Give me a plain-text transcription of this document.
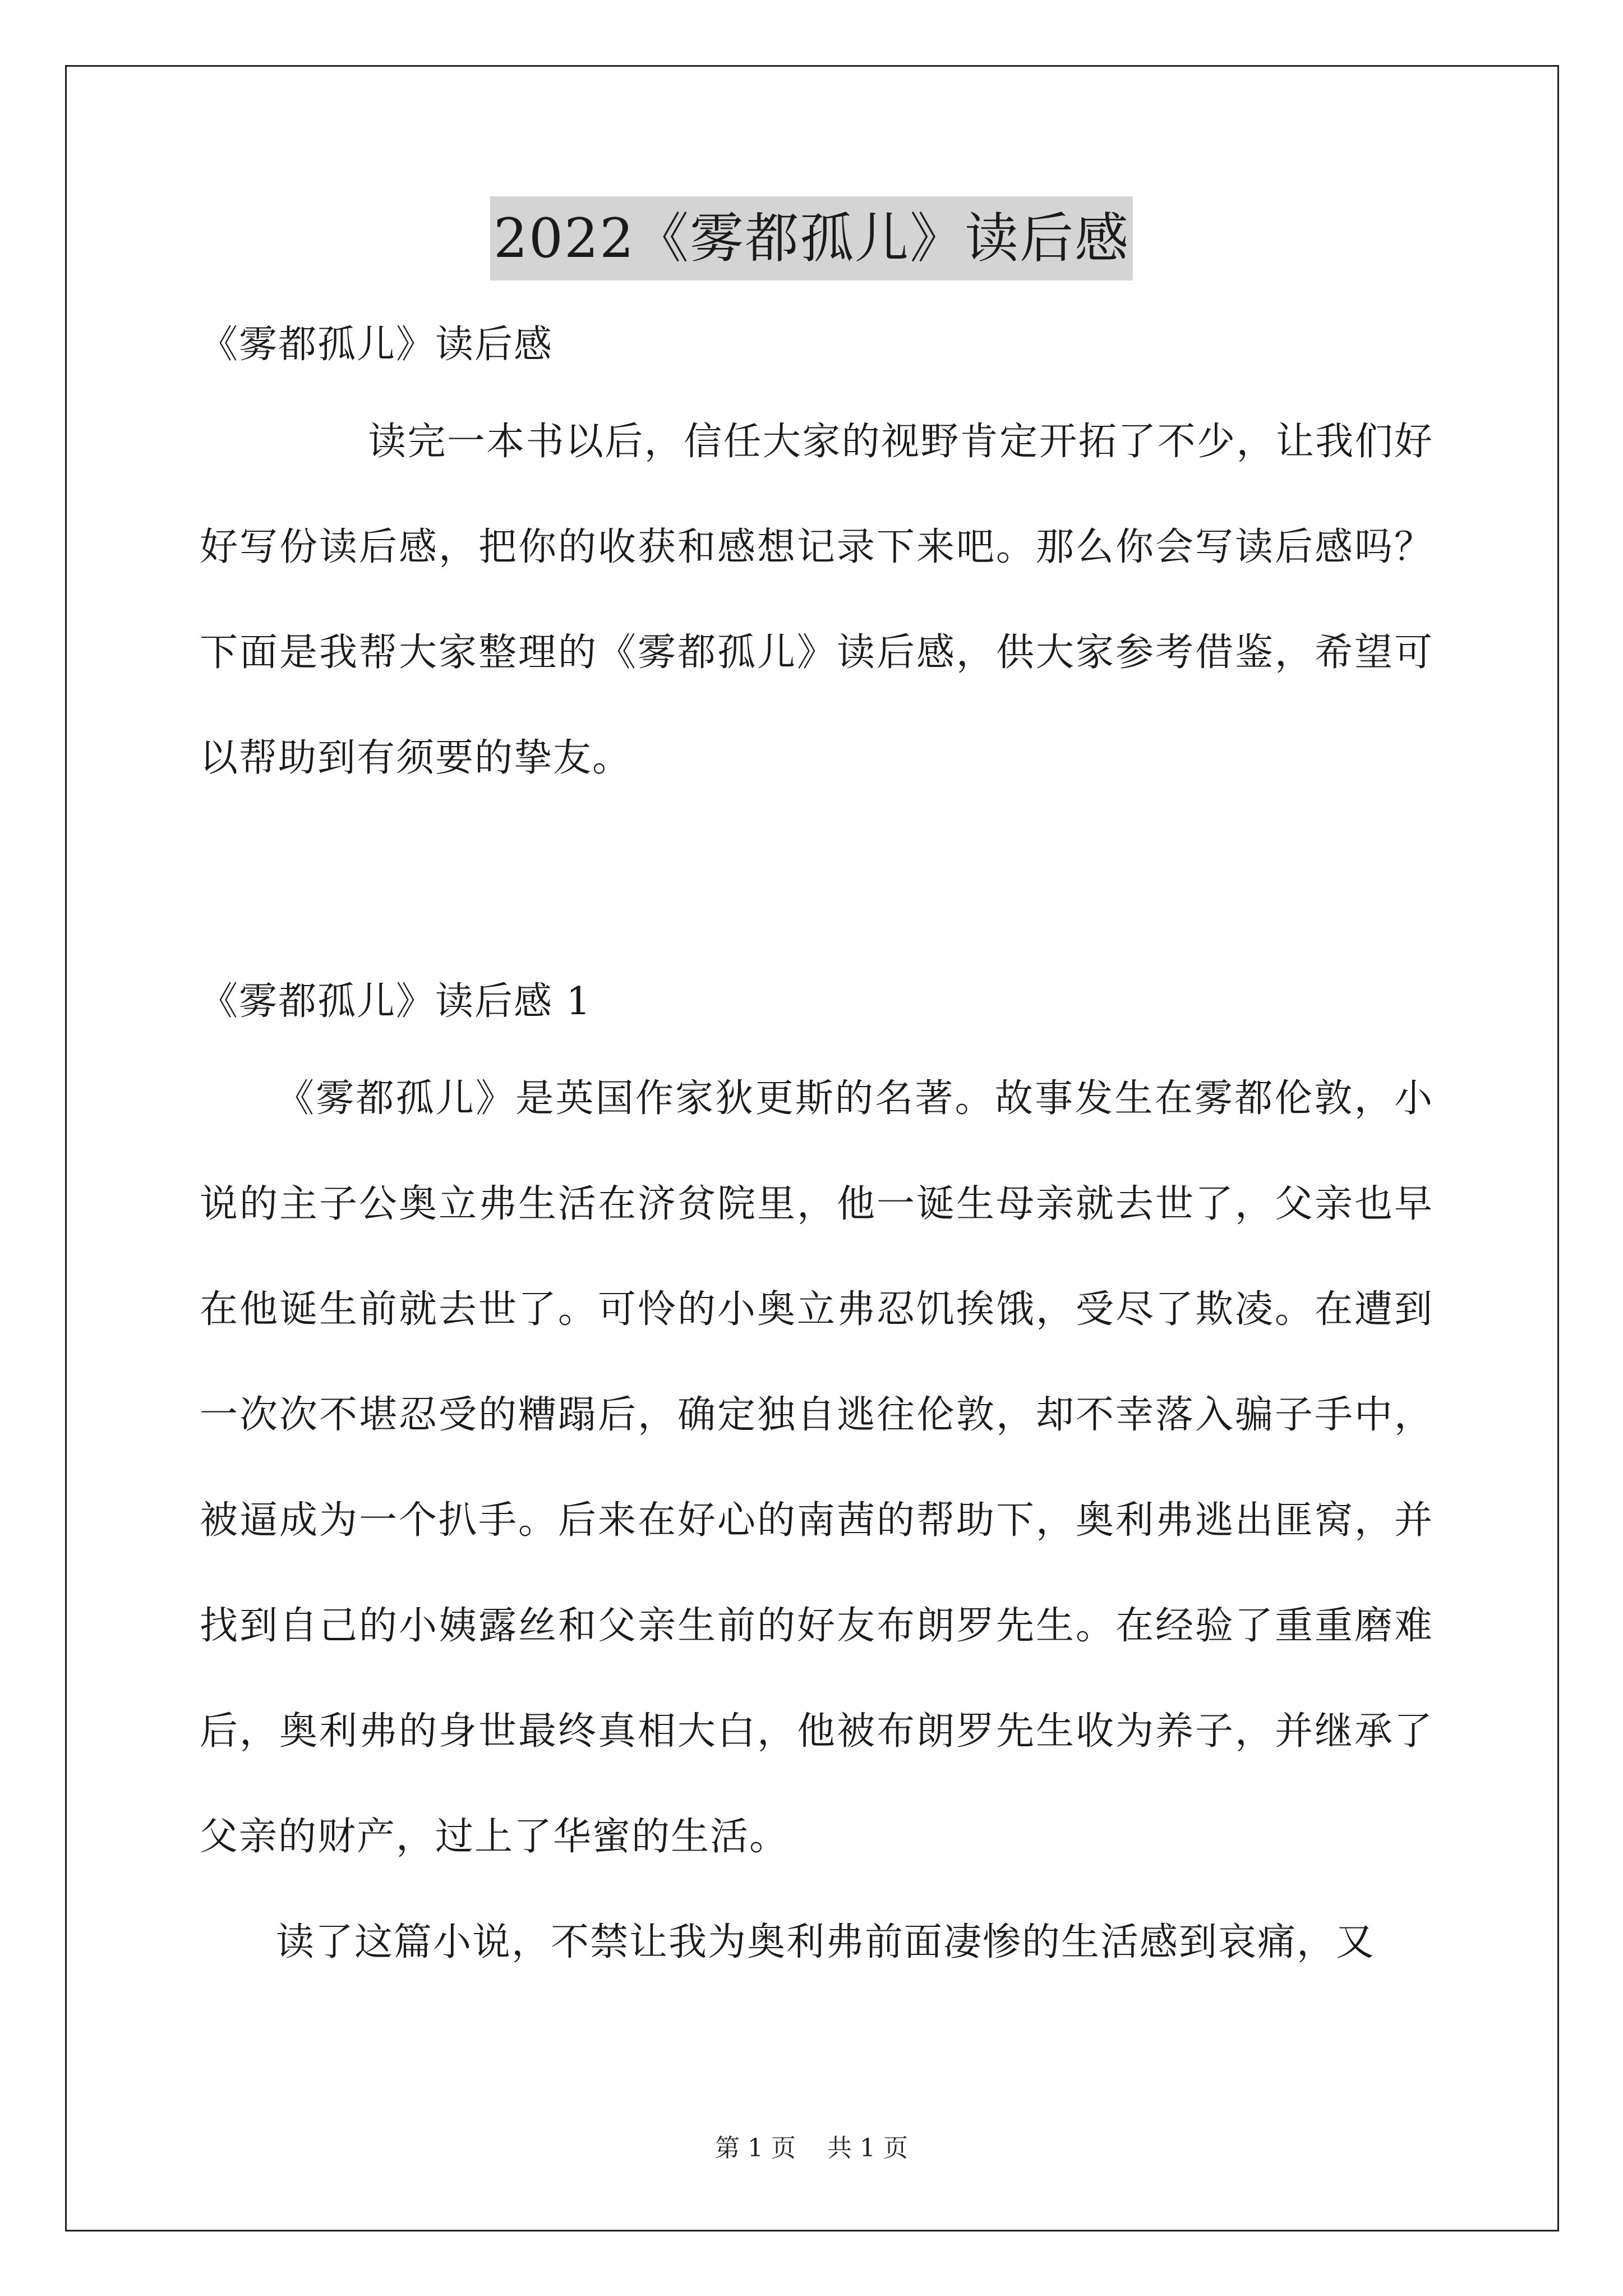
2022《雾都孤儿》读后感

《雾都孤儿》读后感

读完一本书以后，信任大家的视野肯定开拓了不少，让我们好好写份读后感，把你的收获和感想记录下来吧。那么你会写读后感吗？下面是我帮大家整理的《雾都孤儿》读后感，供大家参考借鉴，希望可以帮助到有须要的挚友。

《雾都孤儿》读后感 1

《雾都孤儿》是英国作家狄更斯的名著。故事发生在雾都伦敦，小说的主子公奥立弗生活在济贫院里，他一诞生母亲就去世了，父亲也早在他诞生前就去世了。可怜的小奥立弗忍饥挨饿，受尽了欺凌。在遭到一次次不堪忍受的糟蹋后，确定独自逃往伦敦，却不幸落入骗子手中，被逼成为一个扒手。后来在好心的南茜的帮助下，奥利弗逃出匪窝，并找到自己的小姨露丝和父亲生前的好友布朗罗先生。在经验了重重磨难后，奥利弗的身世最终真相大白，他被布朗罗先生收为养子，并继承了父亲的财产，过上了华蜜的生活。

读了这篇小说，不禁让我为奥利弗前面凄惨的生活感到哀痛，又

第 1 页 共 1 页
